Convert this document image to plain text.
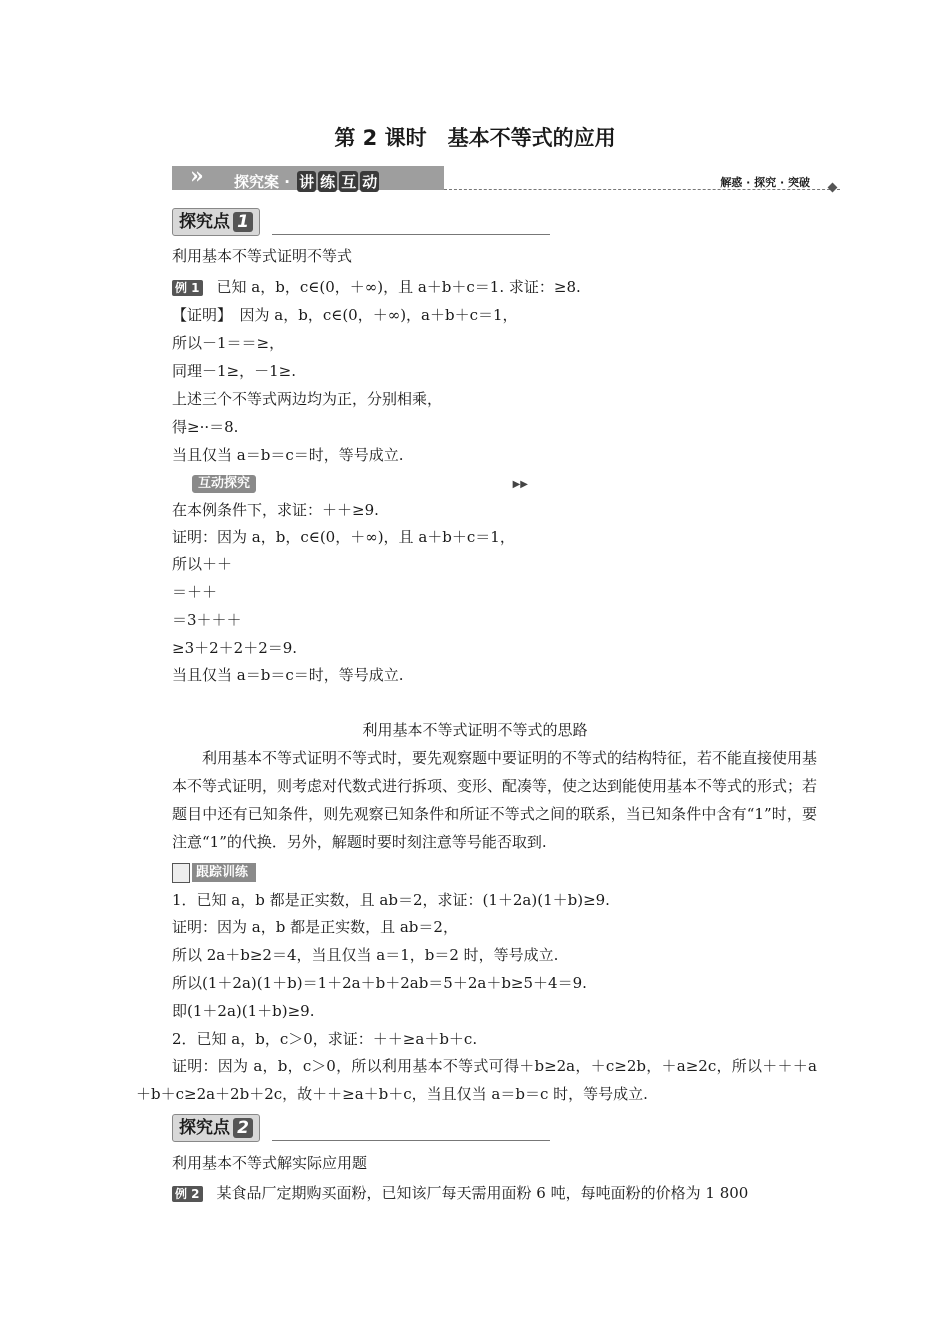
第 2 课时　基本不等式的应用
» 探究案 · 讲 练 互 动	解惑 · 探究 · 突破
探究点 1
利用基本不等式证明不等式
例 1 已知 a，b，c∈(0，＋∞)，且 a＋b＋c＝1. 求证：≥8.
【证明】　因为 a，b，c∈(0，＋∞)，a＋b＋c＝1，
所以－1＝＝≥，
同理－1≥，－1≥.
上述三个不等式两边均为正，分别相乘，
得≥··＝8.
当且仅当 a＝b＝c＝时，等号成立.
互动探究	▶▶
在本例条件下，求证：＋＋≥9.
证明：因为 a，b，c∈(0，＋∞)，且 a＋b＋c＝1，
所以＋＋
＝＋＋
＝3＋＋＋
≥3＋2＋2＋2＝9.
当且仅当 a＝b＝c＝时，等号成立.
利用基本不等式证明不等式的思路
利用基本不等式证明不等式时，要先观察题中要证明的不等式的结构特征，若不能直接使用基本不等式证明，则考虑对代数式进行拆项、变形、配凑等，使之达到能使用基本不等式的形式；若题目中还有已知条件，则先观察已知条件和所证不等式之间的联系，当已知条件中含有“1”时，要注意“1”的代换．另外，解题时要时刻注意等号能否取到.
跟踪训练
1．已知 a，b 都是正实数，且 ab＝2，求证：(1＋2a)(1＋b)≥9.
证明：因为 a，b 都是正实数，且 ab＝2，
所以 2a＋b≥2＝4，当且仅当 a＝1，b＝2 时，等号成立.
所以(1＋2a)(1＋b)＝1＋2a＋b＋2ab＝5＋2a＋b≥5＋4＝9.
即(1＋2a)(1＋b)≥9.
2．已知 a，b，c＞0，求证：＋＋≥a＋b＋c.
证明：因为 a，b，c＞0，所以利用基本不等式可得＋b≥2a，＋c≥2b，＋a≥2c，所以＋＋＋a＋b＋c≥2a＋2b＋2c，故＋＋≥a＋b＋c，当且仅当 a＝b＝c 时，等号成立.
探究点 2
利用基本不等式解实际应用题
例 2 某食品厂定期购买面粉，已知该厂每天需用面粉 6 吨，每吨面粉的价格为 1 800
